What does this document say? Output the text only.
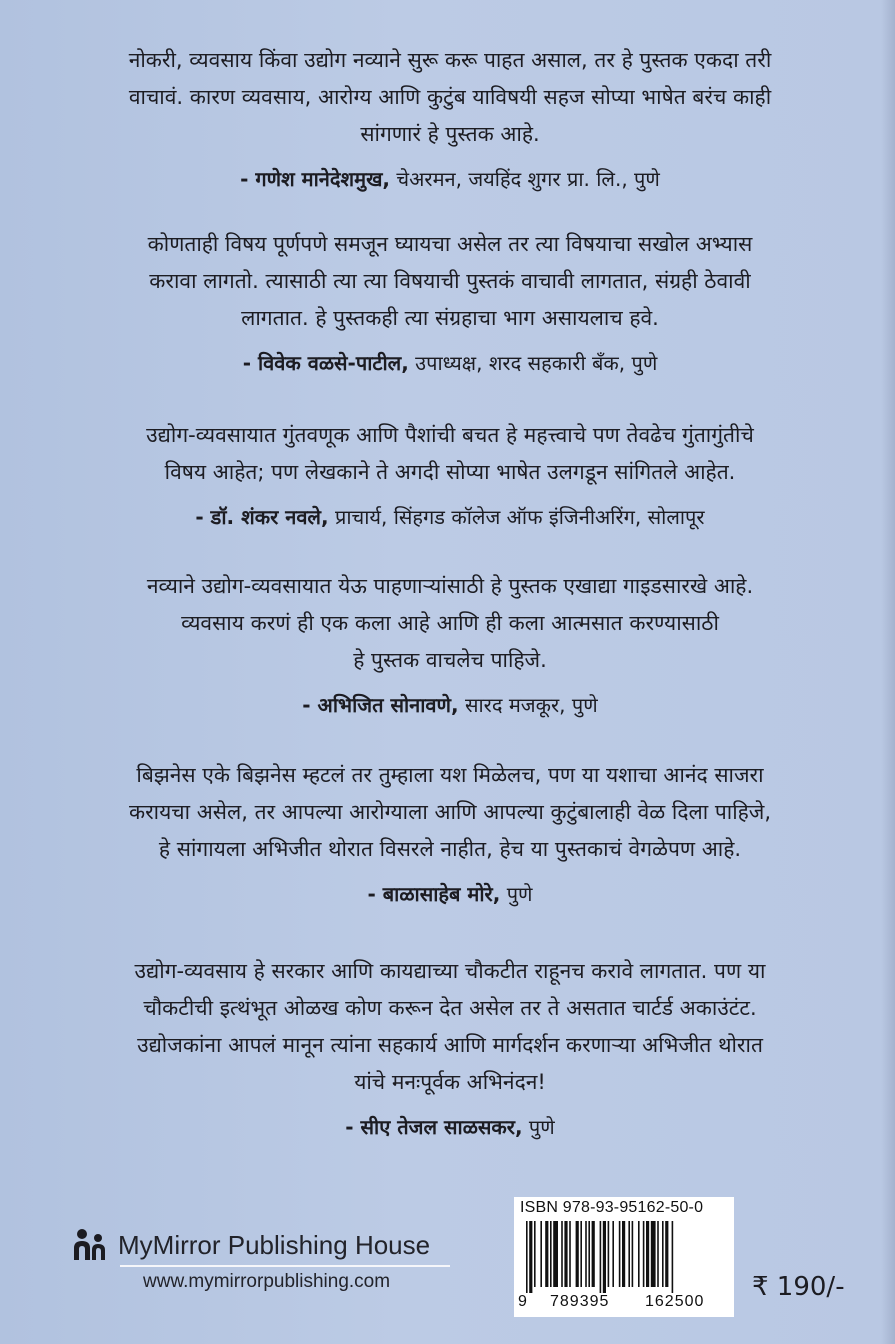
नोकरी, व्यवसाय किंवा उद्योग नव्याने सुरू करू पाहत असाल, तर हे पुस्तक एकदा तरी

वाचावं. कारण व्यवसाय, आरोग्य आणि कुटुंब याविषयी सहज सोप्या भाषेत बरंच काही

सांगणारं हे पुस्तक आहे.

- गणेश मानेदेशमुख, चेअरमन, जयहिंद शुगर प्रा. लि., पुणे

कोणताही विषय पूर्णपणे समजून घ्यायचा असेल तर त्या विषयाचा सखोल अभ्यास

करावा लागतो. त्यासाठी त्या त्या विषयाची पुस्तकं वाचावी लागतात, संग्रही ठेवावी

लागतात. हे पुस्तकही त्या संग्रहाचा भाग असायलाच हवे.

- विवेक वळसे-पाटील, उपाध्यक्ष, शरद सहकारी बँक, पुणे

उद्योग-व्यवसायात गुंतवणूक आणि पैशांची बचत हे महत्त्वाचे पण तेवढेच गुंतागुंतीचे

विषय आहेत; पण लेखकाने ते अगदी सोप्या भाषेत उलगडून सांगितले आहेत.

- डॉ. शंकर नवले, प्राचार्य, सिंहगड कॉलेज ऑफ इंजिनीअरिंग, सोलापूर

नव्याने उद्योग-व्यवसायात येऊ पाहणाऱ्यांसाठी हे पुस्तक एखाद्या गाइडसारखे आहे.

व्यवसाय करणं ही एक कला आहे आणि ही कला आत्मसात करण्यासाठी

हे पुस्तक वाचलेच पाहिजे.

- अभिजित सोनावणे, सारद मजकूर, पुणे

बिझनेस एके बिझनेस म्हटलं तर तुम्हाला यश मिळेलच, पण या यशाचा आनंद साजरा

करायचा असेल, तर आपल्या आरोग्याला आणि आपल्या कुटुंबालाही वेळ दिला पाहिजे,

हे सांगायला अभिजीत थोरात विसरले नाहीत, हेच या पुस्तकाचं वेगळेपण आहे.

- बाळासाहेब मोरे, पुणे

उद्योग-व्यवसाय हे सरकार आणि कायद्याच्या चौकटीत राहूनच करावे लागतात. पण या

चौकटीची इत्थंभूत ओळख कोण करून देत असेल तर ते असतात चार्टर्ड अकाउंटंट.

उद्योजकांना आपलं मानून त्यांना सहकार्य आणि मार्गदर्शन करणाऱ्या अभिजीत थोरात

यांचे मनःपूर्वक अभिनंदन!

- सीए तेजल साळसकर, पुणे
MyMirror Publishing House
www.mymirrorpublishing.com
ISBN 978-93-95162-50-0
9 789395 162500 ₹ 190/-
